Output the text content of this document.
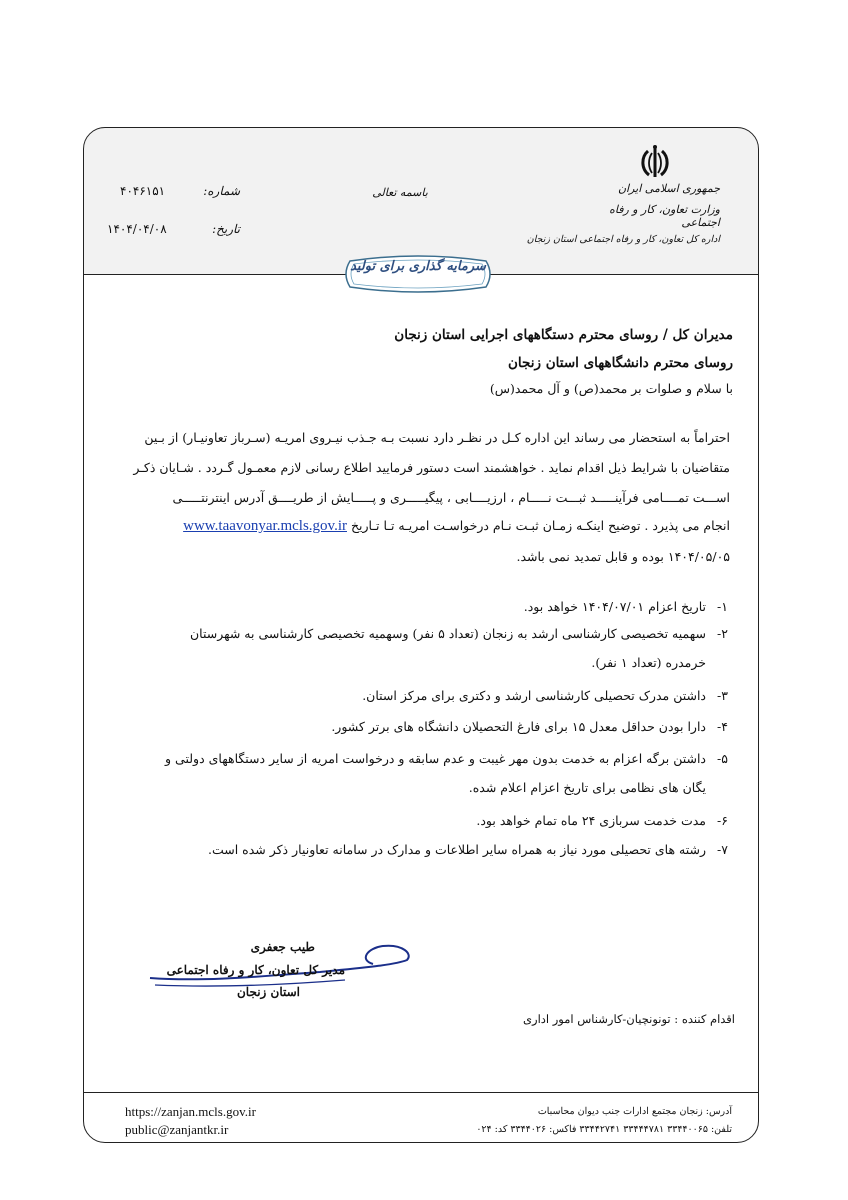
جمهوری اسلامی ایران
وزارت تعاون، کار و رفاه اجتماعی
اداره کل تعاون، کار و رفاه اجتماعی استان زنجان
باسمه تعالی
شماره:
۴۰۴۶۱۵۱
تاریخ:
۱۴۰۴/۰۴/۰۸
سرمایه گذاری برای تولید
مدیران کل / روسای محترم دستگاههای اجرایی استان زنجان
روسای محترم دانشگاههای استان زنجان
با سلام و صلوات بر محمد(ص) و آل محمد(س)
احتراماً به استحضار می رساند این اداره کـل در نظـر دارد نسبت بـه جـذب نیـروی امریـه (سـرباز تعاونیـار) از بـین
متقاضیان با شرایط ذیل اقدام نماید . خواهشمند است دستور فرمایید اطلاع رسانی لازم معمـول گـردد . شـایان ذکـر
اســـت تمــــامی فرآینـــــد ثبـــت نـــــام ، ارزیــــابی ، پیگیـــــری و پـــــایش از طریــــق آدرس اینترنتـــــی
انجام می پذیرد . توضیح اینکـه زمـان ثبـت نـام درخواسـت امریـه تـا تـاریخ www.taavonyar.mcls.gov.ir
۱۴۰۴/۰۵/۰۵ بوده و قابل تمدید نمی باشد.
۱-تاریخ اعزام ۱۴۰۴/۰۷/۰۱ خواهد بود.
۲-سهمیه تخصیصی کارشناسی ارشد به زنجان (تعداد ۵ نفر) وسهمیه تخصیصی کارشناسی به شهرستان
خرمدره (تعداد ۱ نفر).
۳-داشتن مدرک تحصیلی کارشناسی ارشد و دکتری برای مرکز استان.
۴-دارا بودن حداقل معدل ۱۵ برای فارغ التحصیلان دانشگاه های برتر کشور.
۵-داشتن برگه اعزام به خدمت بدون مهر غیبت و عدم سابقه و درخواست امریه از سایر دستگاههای دولتی و
یگان های نظامی برای تاریخ اعزام اعلام شده.
۶-مدت خدمت سربازی ۲۴ ماه تمام خواهد بود.
۷-رشته های تحصیلی مورد نیاز به همراه سایر اطلاعات و مدارک در سامانه تعاونیار ذکر شده است.
طیب جعفری
مدیر کل تعاون، کار و رفاه اجتماعی
استان زنجان
اقدام کننده : تونونچیان-کارشناس امور اداری
https://zanjan.mcls.gov.ir
public@zanjantkr.ir
آدرس: زنجان مجتمع ادارات جنب دیوان محاسبات
تلفن: ۳۳۴۴۰۰۶۵ ۳۳۴۴۴۷۸۱ ۳۳۴۴۲۷۴۱ فاکس: ۳۳۴۴۰۲۶ کد: ۰۲۴
